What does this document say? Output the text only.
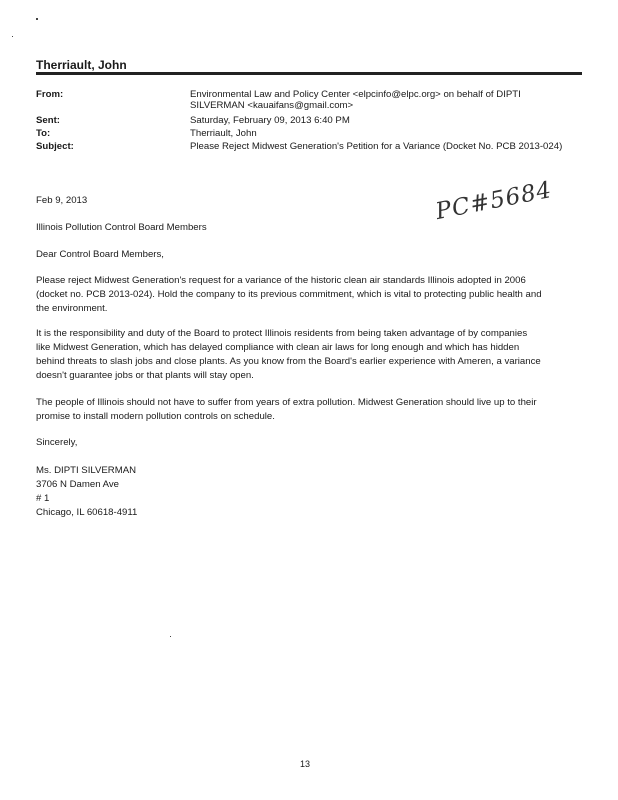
Therriault, John
From:	Environmental Law and Policy Center <elpcinfo@elpc.org> on behalf of DIPTI
SILVERMAN <kauaifans@gmail.com>
Sent:	Saturday, February 09, 2013 6:40 PM
To:	Therriault, John
Subject:	Please Reject Midwest Generation's Petition for a Variance (Docket No. PCB 2013-024)
PC#5684
Feb 9, 2013
Illinois Pollution Control Board Members
Dear Control Board Members,
Please reject Midwest Generation's request for a variance of the historic clean air standards Illinois adopted in 2006
(docket no. PCB 2013-024). Hold the company to its previous commitment, which is vital to protecting public health and
the environment.
It is the responsibility and duty of the Board to protect Illinois residents from being taken advantage of by companies
like Midwest Generation, which has delayed compliance with clean air laws for long enough and which has hidden
behind threats to slash jobs and close plants. As you know from the Board's earlier experience with Ameren, a variance
doesn't guarantee jobs or that plants will stay open.
The people of Illinois should not have to suffer from years of extra pollution. Midwest Generation should live up to their
promise to install modern pollution controls on schedule.
Sincerely,
Ms. DIPTI SILVERMAN
3706 N Damen Ave
# 1
Chicago, IL 60618-4911
13
